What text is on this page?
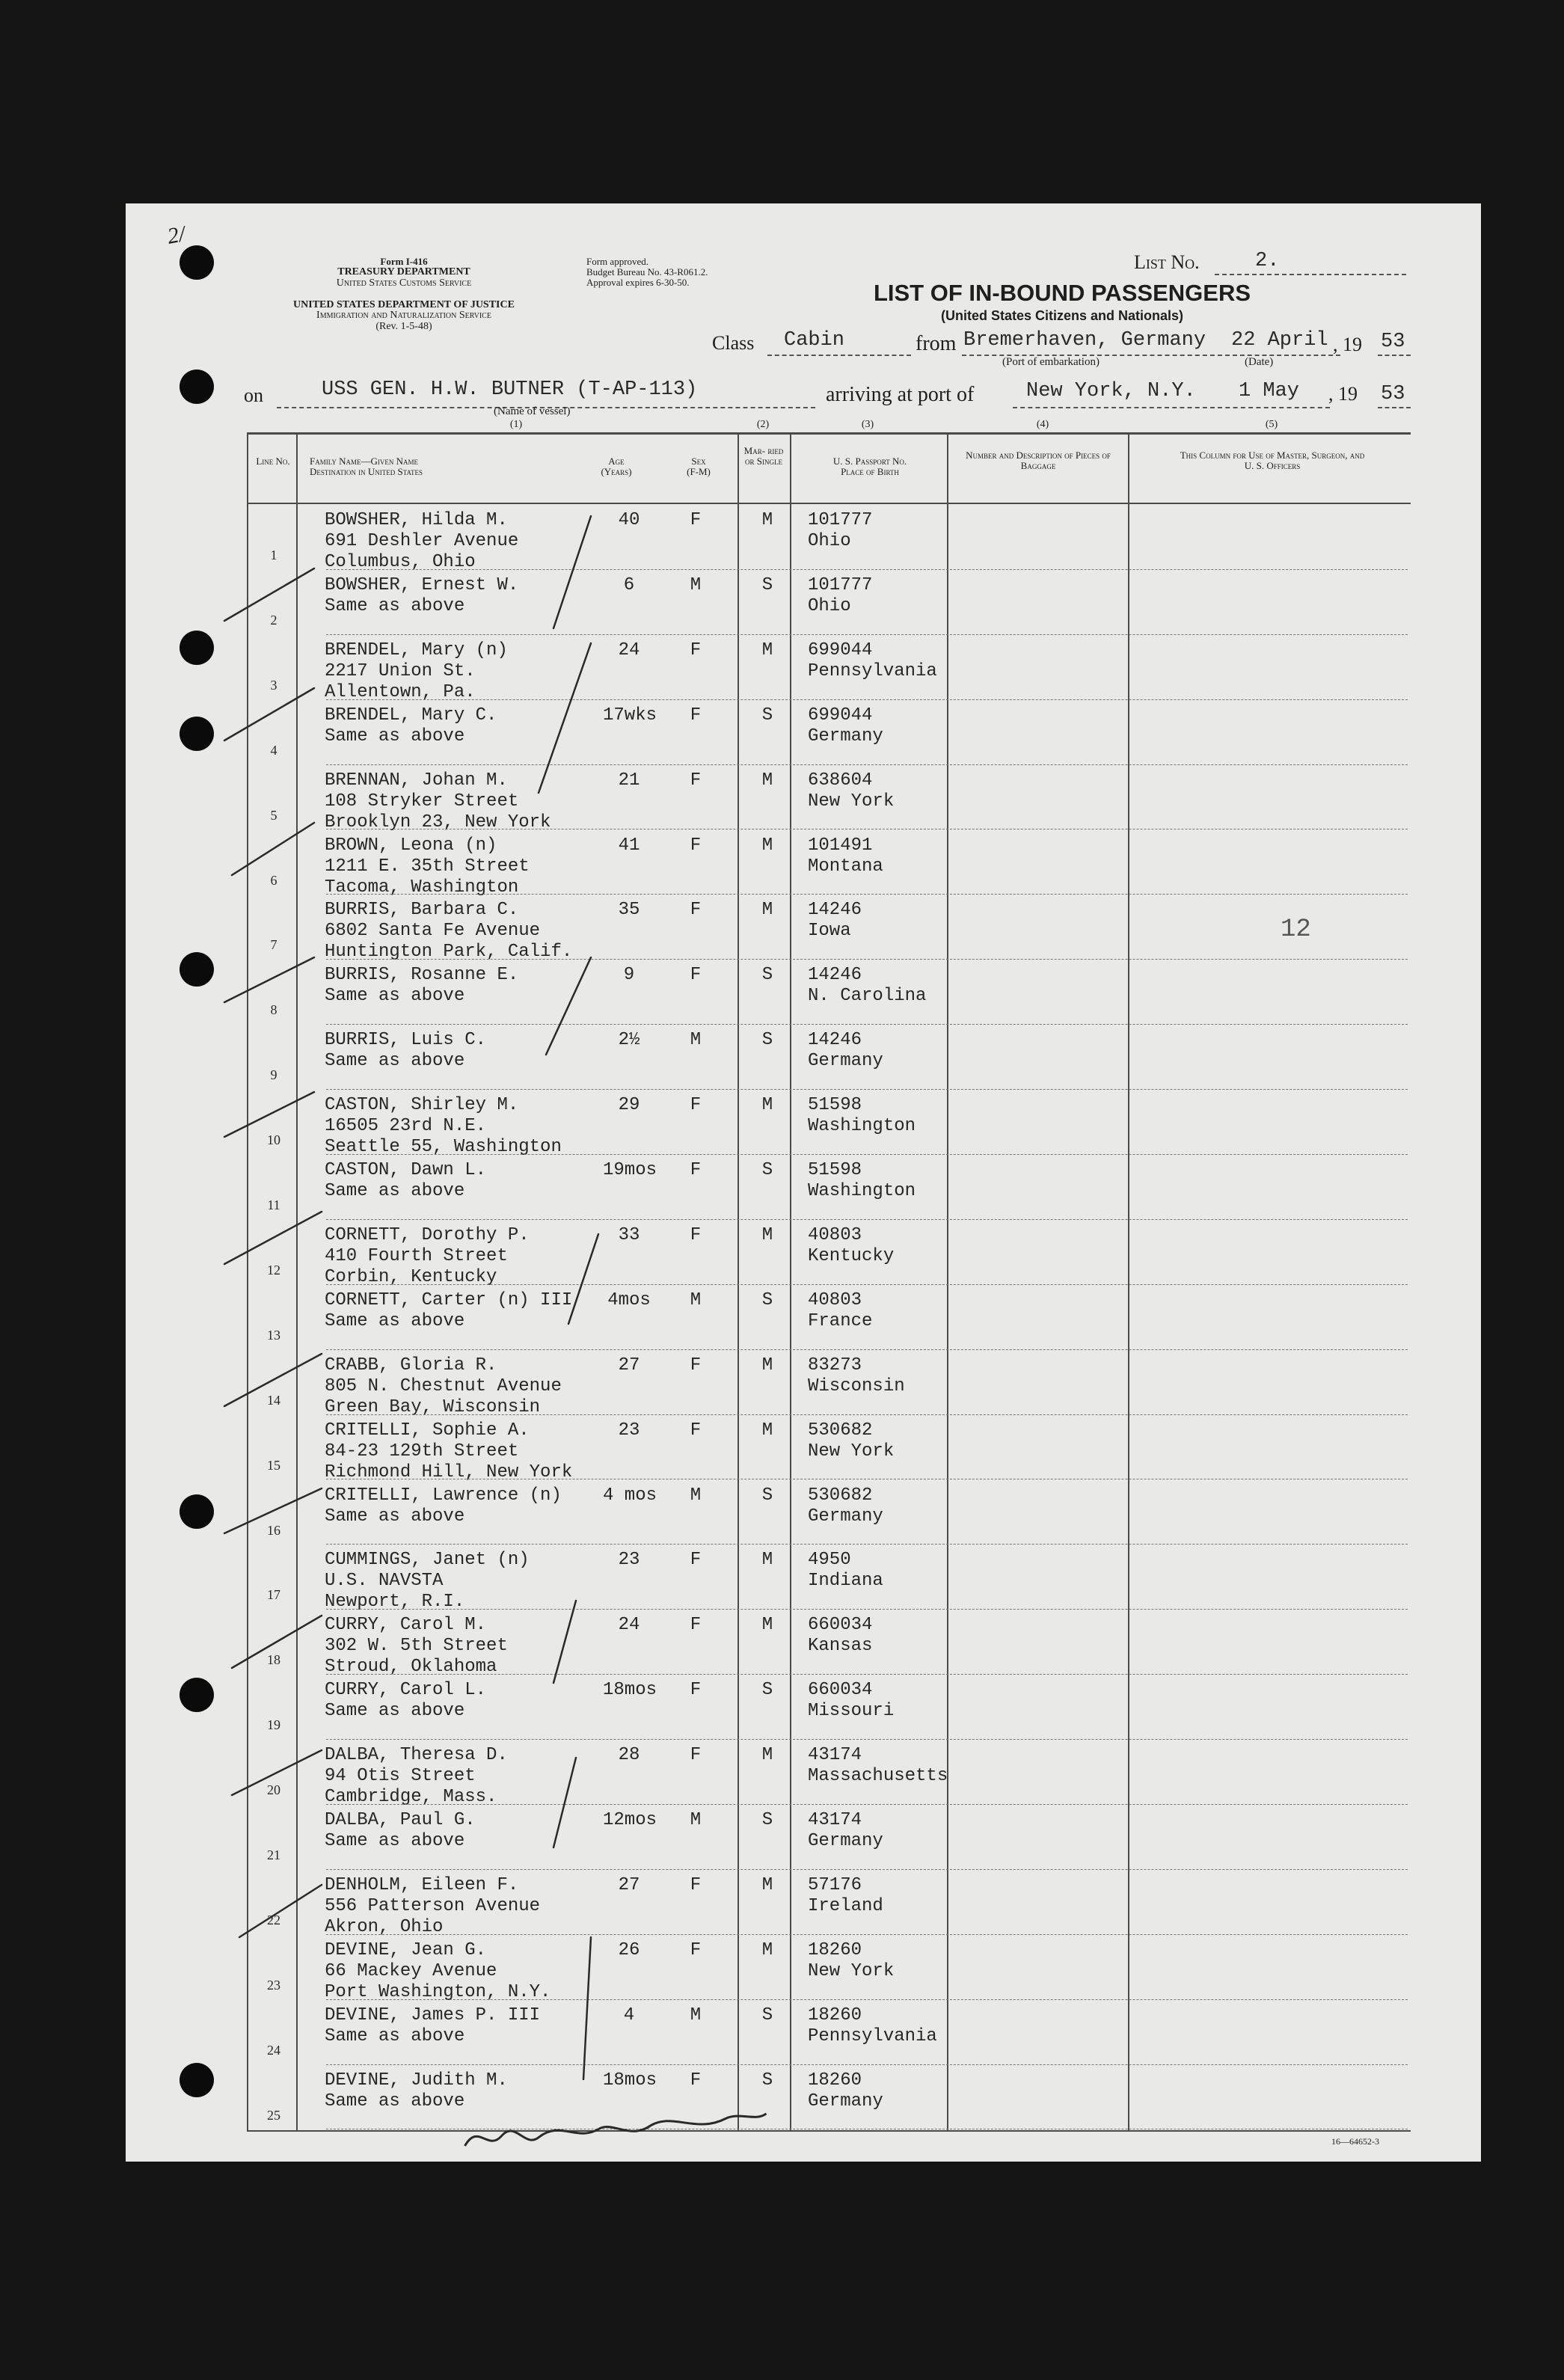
2/
Form I-416
TREASURY DEPARTMENT
United States Customs Service
UNITED STATES DEPARTMENT OF JUSTICE
Immigration and Naturalization Service
(Rev. 1-5-48)
Form approved.
Budget Bureau No. 43-R061.2.
Approval expires 6-30-50.
List No.	2.
LIST OF IN-BOUND PASSENGERS
(United States Citizens and Nationals)
Class Cabin	from Bremerhaven, Germany
(Port of embarkation)
22 April
(Date)
, 19 53
on	USS GEN. H.W. BUTNER (T-AP-113)
(Name of vessel)
arriving at port of	New York, N.Y. 1 May , 19 53
(1)	(2)	(3)	(4)	(5)
Line No. Family Name—Given Name
Destination in United States
Age
(Years)
Sex
(F-M)
Mar- ried or Single	U. S. Passport No.
Place of Birth
Number and Description of Pieces of Baggage
This Column for Use of Master, Surgeon, and U. S. Officers
1
BOWSHER, Hilda M.
691 Deshler Avenue
Columbus, Ohio
40	F	M	101777
Ohio
2
BOWSHER, Ernest W.
Same as above
6	M	S	101777
Ohio
3
BRENDEL, Mary (n)
2217 Union St.
Allentown, Pa.
24	F	M	699044
Pennsylvania
4
BRENDEL, Mary C.
Same as above
17wks	F	S	699044
Germany
5
BRENNAN, Johan M.
108 Stryker Street
Brooklyn 23, New York
21	F	M	638604
New York
6
BROWN, Leona (n)
1211 E. 35th Street
Tacoma, Washington
41	F	M	101491
Montana
7
BURRIS, Barbara C.
6802 Santa Fe Avenue
Huntington Park, Calif.
35	F	M	14246
Iowa
8
BURRIS, Rosanne E.
Same as above
9	F	S	14246
N. Carolina
9
BURRIS, Luis C.
Same as above
2½	M	S	14246
Germany
10
CASTON, Shirley M.
16505 23rd N.E.
Seattle 55, Washington
29	F	M	51598
Washington
11
CASTON, Dawn L.
Same as above
19mos	F	S	51598
Washington
12
CORNETT, Dorothy P.
410 Fourth Street
Corbin, Kentucky
33	F	M	40803
Kentucky
13
CORNETT, Carter (n) III
Same as above
4mos	M	S	40803
France
14
CRABB, Gloria R.
805 N. Chestnut Avenue
Green Bay, Wisconsin
27	F	M	83273
Wisconsin
15
CRITELLI, Sophie A.
84-23 129th Street
Richmond Hill, New York
23	F	M	530682
New York
16
CRITELLI, Lawrence (n)
Same as above
4 mos	M	S	530682
Germany
17
CUMMINGS, Janet (n)
U.S. NAVSTA
Newport, R.I.
23	F	M	4950
Indiana
18
CURRY, Carol M.
302 W. 5th Street
Stroud, Oklahoma
24	F	M	660034
Kansas
19
CURRY, Carol L.
Same as above
18mos	F	S	660034
Missouri
20
DALBA, Theresa D.
94 Otis Street
Cambridge, Mass.
28	F	M	43174
Massachusetts
21
DALBA, Paul G.
Same as above
12mos	M	S	43174
Germany
22
DENHOLM, Eileen F.
556 Patterson Avenue
Akron, Ohio
27	F	M	57176
Ireland
23
DEVINE, Jean G.
66 Mackey Avenue
Port Washington, N.Y.
26	F	M	18260
New York
24
DEVINE, James P. III
Same as above
4	M	S	18260
Pennsylvania
25
DEVINE, Judith M.
Same as above
18mos	F	S	18260
Germany
12
16—64652-3
